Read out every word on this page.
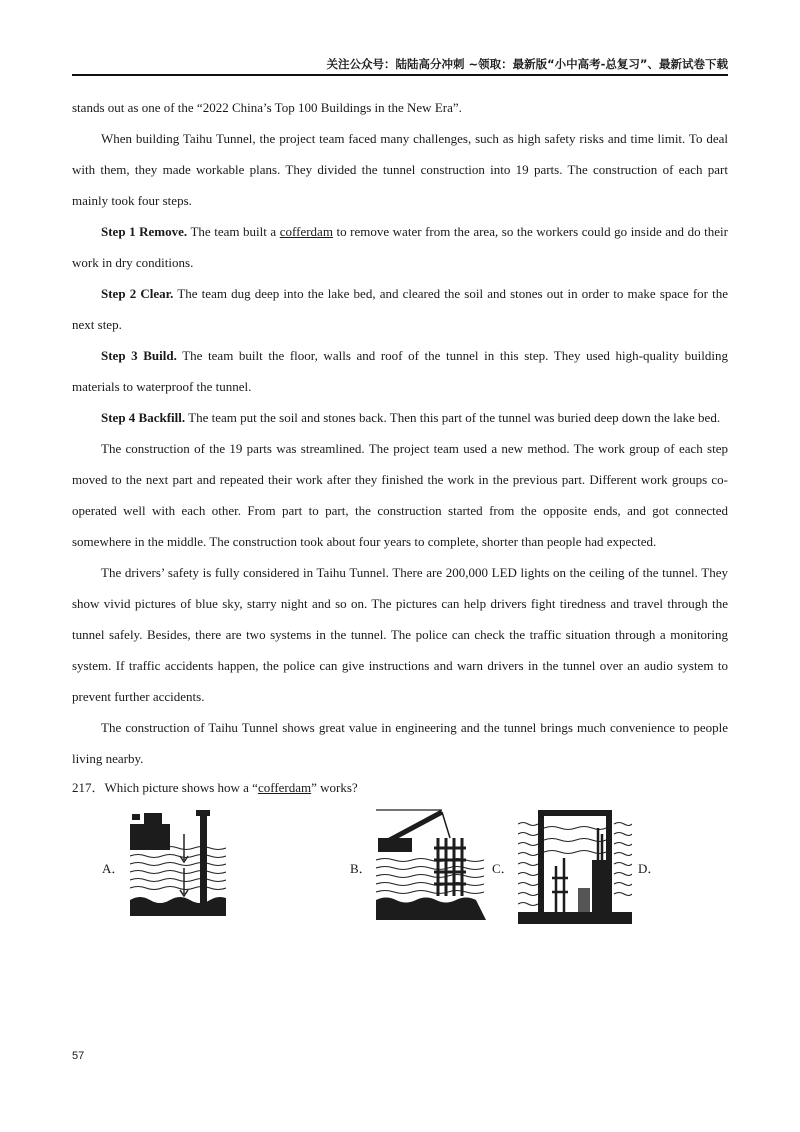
关注公众号：陆陆高分冲刺 ~领取：最新版“小中高考-总复习”、最新试卷下载

stands out as one of the “2022 China’s Top 100 Buildings in the New Era”.

When building Taihu Tunnel, the project team faced many challenges, such as high safety risks and time limit. To deal with them, they made workable plans. They divided the tunnel construction into 19 parts. The construction of each part mainly took four steps.

Step 1 Remove. The team built a cofferdam to remove water from the area, so the workers could go inside and do their work in dry conditions.

Step 2 Clear. The team dug deep into the lake bed, and cleared the soil and stones out in order to make space for the next step.

Step 3 Build. The team built the floor, walls and roof of the tunnel in this step. They used high-quality building materials to waterproof the tunnel.

Step 4 Backfill. The team put the soil and stones back. Then this part of the tunnel was buried deep down the lake bed.

The construction of the 19 parts was streamlined. The project team used a new method. The work group of each step moved to the next part and repeated their work after they finished the work in the previous part. Different work groups co-operated well with each other. From part to part, the construction started from the opposite ends, and got connected somewhere in the middle. The construction took about four years to complete, shorter than people had expected.

The drivers’ safety is fully considered in Taihu Tunnel. There are 200,000 LED lights on the ceiling of the tunnel. They show vivid pictures of blue sky, starry night and so on. The pictures can help drivers fight tiredness and travel through the tunnel safely. Besides, there are two systems in the tunnel. The police can check the traffic situation through a monitoring system. If traffic accidents happen, the police can give instructions and warn drivers in the tunnel over an audio system to prevent further accidents.

The construction of Taihu Tunnel shows great value in engineering and the tunnel brings much convenience to people living nearby.

217．Which picture shows how a “cofferdam” works?

A．	B．	C．	D．
57
